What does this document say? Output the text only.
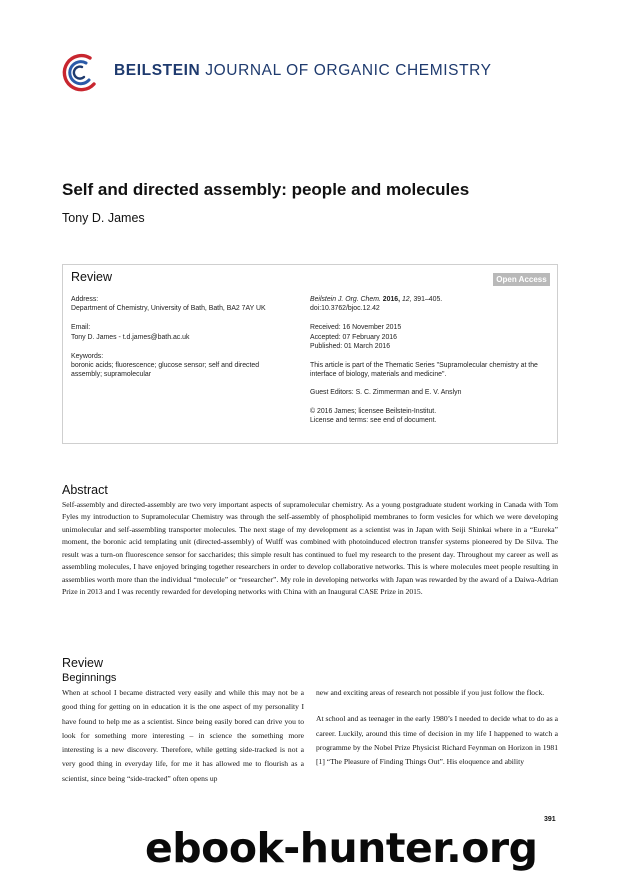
BEILSTEIN JOURNAL OF ORGANIC CHEMISTRY
Self and directed assembly: people and molecules
Tony D. James
Review	Open Access

Address:

Department of Chemistry, University of Bath, Bath, BA2 7AY UK

Email:

Tony D. James - t.d.james@bath.ac.uk

Keywords:

boronic acids; fluorescence; glucose sensor; self and directed assembly; supramolecular

Beilstein J. Org. Chem. 2016, 12, 391–405.

doi:10.3762/bjoc.12.42

Received: 16 November 2015

Accepted: 07 February 2016

Published: 01 March 2016

This article is part of the Thematic Series "Supramolecular chemistry at the interface of biology, materials and medicine".

Guest Editors: S. C. Zimmerman and E. V. Anslyn

© 2016 James; licensee Beilstein-Institut.

License and terms: see end of document.

Abstract
Self-assembly and directed-assembly are two very important aspects of supramolecular chemistry. As a young postgraduate student working in Canada with Tom Fyles my introduction to Supramolecular Chemistry was through the self-assembly of phospholipid membranes to form vesicles for which we were developing unimolecular and self-assembling transporter molecules. The next stage of my development as a scientist was in Japan with Seiji Shinkai where in a “Eureka” moment, the boronic acid templating unit (directed-assembly) of Wulff was combined with photoinduced electron transfer systems pioneered by De Silva. The result was a turn-on fluorescence sensor for saccharides; this simple result has continued to fuel my research to the present day. Throughout my career as well as assembling molecules, I have enjoyed bringing together researchers in order to develop collaborative networks. This is where molecules meet people resulting in assemblies worth more than the individual “molecule” or “researcher”. My role in developing networks with Japan was rewarded by the award of a Daiwa-Adrian Prize in 2013 and I was recently rewarded for developing networks with China with an Inaugural CASE Prize in 2015.
Review
Beginnings

When at school I became distracted very easily and while this may not be a good thing for getting on in education it is the one aspect of my personality I have found to help me as a scientist. Since being easily bored can drive you to look for something more interesting – in science the something more interesting is a new discovery. Therefore, while getting side-tracked is not a very good thing in everyday life, for me it has allowed me to flourish as a scientist, since being “side-tracked” often opens up

new and exciting areas of research not possible if you just follow the flock.

At school and as teenager in the early 1980’s I needed to decide what to do as a career. Luckily, around this time of decision in my life I happened to watch a programme by the Nobel Prize Physicist Richard Feynman on Horizon in 1981 [1] “The Pleasure of Finding Things Out”. His eloquence and ability

391
ebook-hunter.org
